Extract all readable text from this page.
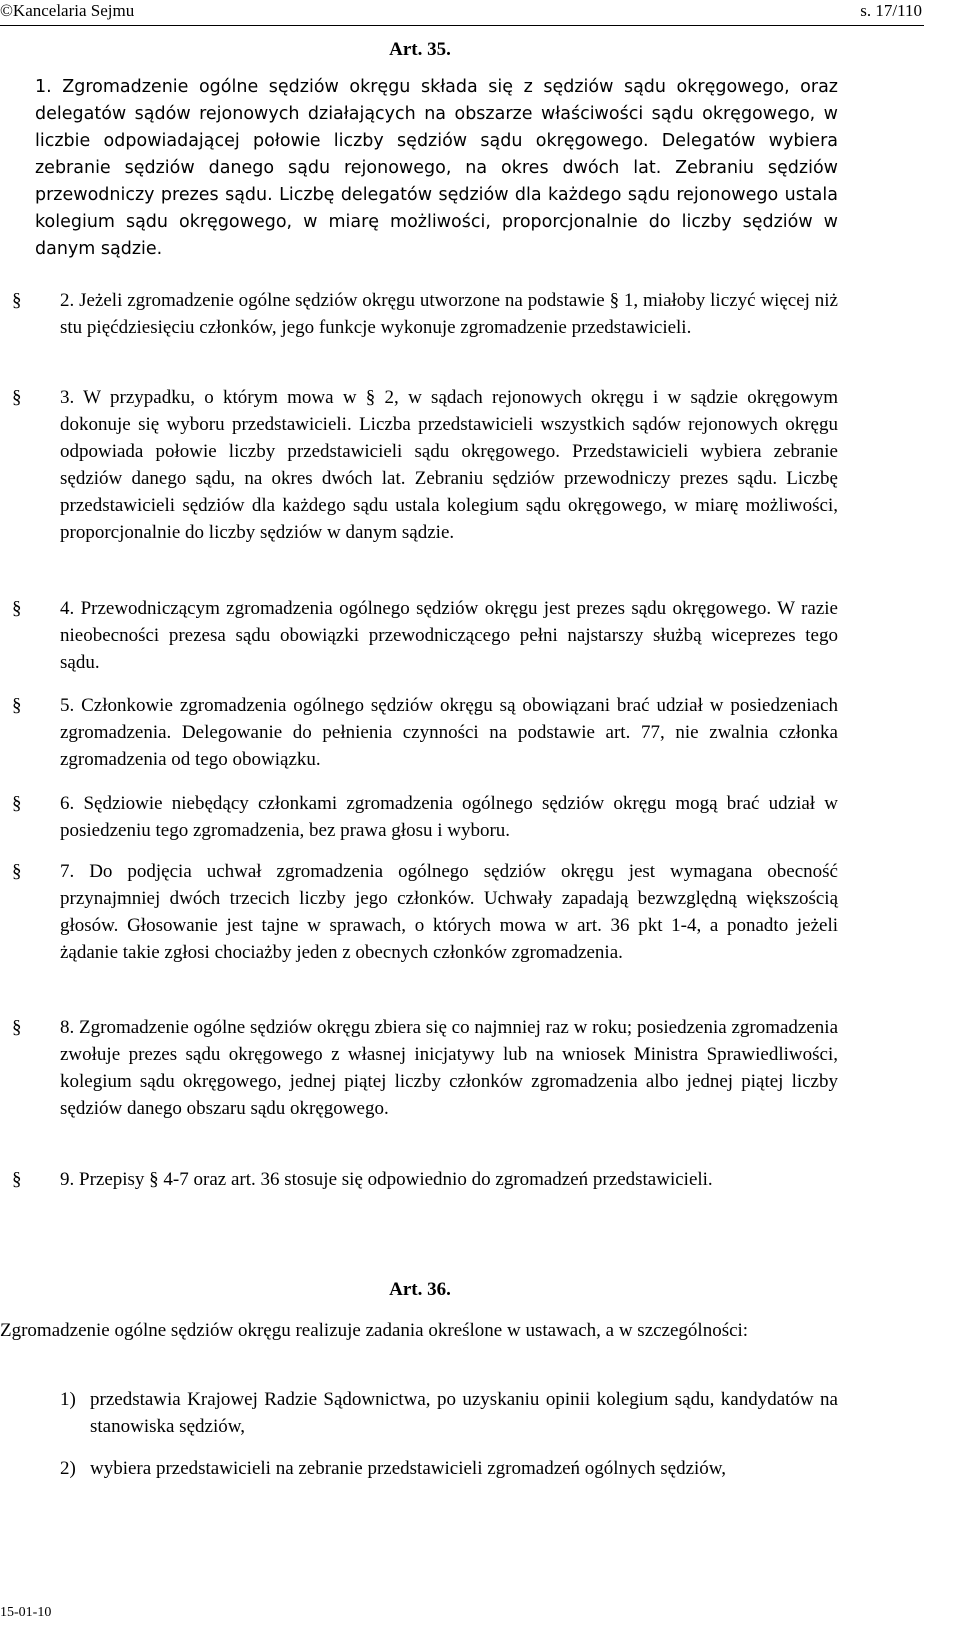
©Kancelaria Sejmu	s. 17/110
Art. 35.
1. Zgromadzenie ogólne sędziów okręgu składa się z sędziów sądu okręgowego, oraz delegatów sądów rejonowych działających na obszarze właściwości sądu okręgowego, w liczbie odpowiadającej połowie liczby sędziów sądu okręgowego. Delegatów wybiera zebranie sędziów danego sądu rejonowego, na okres dwóch lat. Zebraniu sędziów przewodniczy prezes sądu. Liczbę delegatów sędziów dla każdego sądu rejonowego ustala kolegium sądu okręgowego, w miarę możliwości, proporcjonalnie do liczby sędziów w danym sądzie.
§ 2. Jeżeli zgromadzenie ogólne sędziów okręgu utworzone na podstawie § 1, miałoby liczyć więcej niż stu pięćdziesięciu członków, jego funkcje wykonuje zgromadzenie przedstawicieli.
§ 3. W przypadku, o którym mowa w § 2, w sądach rejonowych okręgu i w sądzie okręgowym dokonuje się wyboru przedstawicieli. Liczba przedstawicieli wszystkich sądów rejonowych okręgu odpowiada połowie liczby przedstawicieli sądu okręgowego. Przedstawicieli wybiera zebranie sędziów danego sądu, na okres dwóch lat. Zebraniu sędziów przewodniczy prezes sądu. Liczbę przedstawicieli sędziów dla każdego sądu ustala kolegium sądu okręgowego, w miarę możliwości, proporcjonalnie do liczby sędziów w danym sądzie.
§ 4. Przewodniczącym zgromadzenia ogólnego sędziów okręgu jest prezes sądu okręgowego. W razie nieobecności prezesa sądu obowiązki przewodniczącego pełni najstarszy służbą wiceprezes tego sądu.
§ 5. Członkowie zgromadzenia ogólnego sędziów okręgu są obowiązani brać udział w posiedzeniach zgromadzenia. Delegowanie do pełnienia czynności na podstawie art. 77, nie zwalnia członka zgromadzenia od tego obowiązku.
§ 6. Sędziowie niebędący członkami zgromadzenia ogólnego sędziów okręgu mogą brać udział w posiedzeniu tego zgromadzenia, bez prawa głosu i wyboru.
§ 7. Do podjęcia uchwał zgromadzenia ogólnego sędziów okręgu jest wymagana obecność przynajmniej dwóch trzecich liczby jego członków. Uchwały zapadają bezwzględną większością głosów. Głosowanie jest tajne w sprawach, o których mowa w art. 36 pkt 1-4, a ponadto jeżeli żądanie takie zgłosi chociażby jeden z obecnych członków zgromadzenia.
§ 8. Zgromadzenie ogólne sędziów okręgu zbiera się co najmniej raz w roku; posiedzenia zgromadzenia zwołuje prezes sądu okręgowego z własnej inicjatywy lub na wniosek Ministra Sprawiedliwości, kolegium sądu okręgowego, jednej piątej liczby członków zgromadzenia albo jednej piątej liczby sędziów danego obszaru sądu okręgowego.
§ 9. Przepisy § 4-7 oraz art. 36 stosuje się odpowiednio do zgromadzeń przedstawicieli.
Art. 36.
Zgromadzenie ogólne sędziów okręgu realizuje zadania określone w ustawach, a w szczególności:
1) przedstawia Krajowej Radzie Sądownictwa, po uzyskaniu opinii kolegium sądu, kandydatów na stanowiska sędziów,
2) wybiera przedstawicieli na zebranie przedstawicieli zgromadzeń ogólnych sędziów,
15-01-10
